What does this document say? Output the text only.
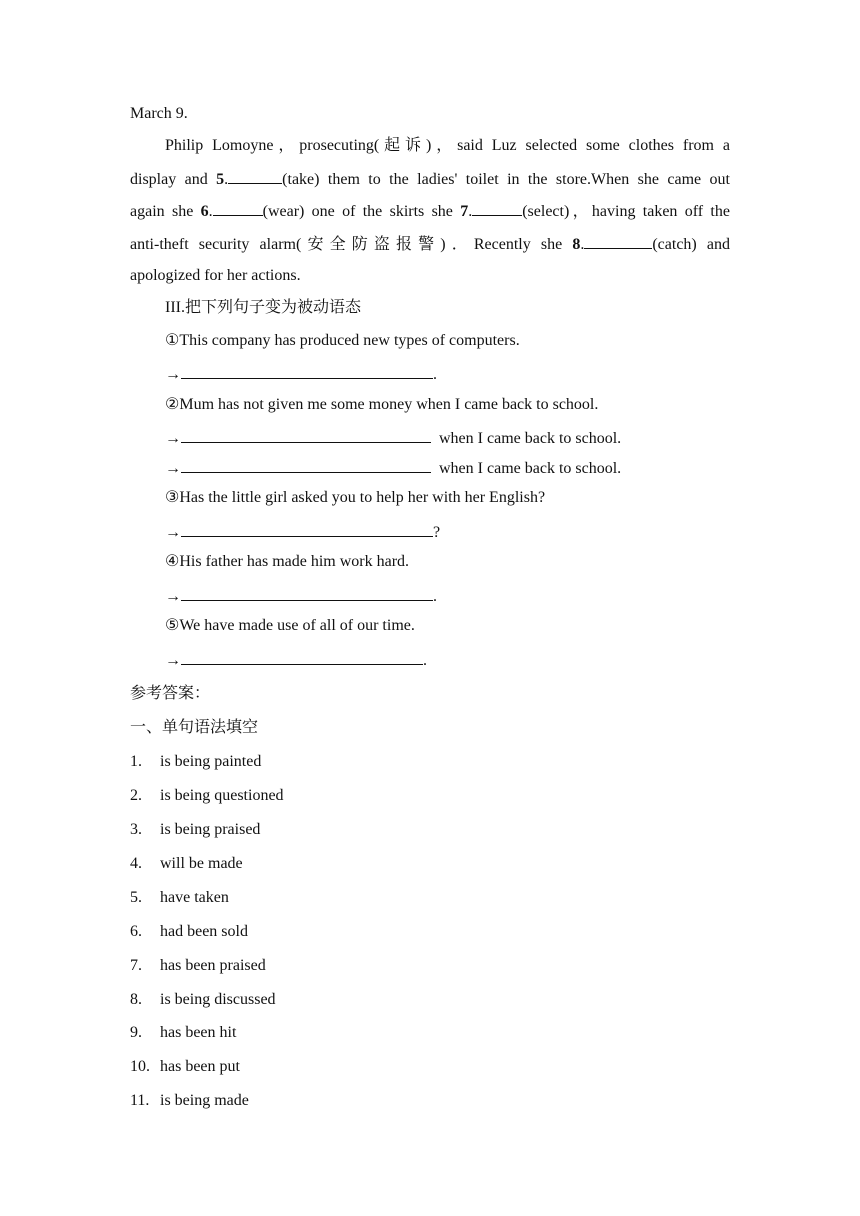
March 9.
Philip Lomoyne，prosecuting(起诉)，said Luz selected some clothes from a
display and 5.	(take) them to the ladies' toilet in the store.When she came out
again she 6.	(wear) one of the skirts she 7.	(select)，having taken off the
anti-theft security alarm(安全防盗报警)．Recently she 8.	(catch) and
apologized for her actions.
III.把下列句子变为被动语态
①This company has produced new types of computers.
→	.
②Mum has not given me some money when I came back to school.
→	when I came back to school.
→	when I came back to school.
③Has the little girl asked you to help her with her English?
→	?
④His father has made him work hard.
→	.
⑤We have made use of all of our time.
→	.
参考答案：
一、单句语法填空
1. is being painted
2. is being questioned
3. is being praised
4. will be made
5. have taken
6. had been sold
7. has been praised
8. is being discussed
9. has been hit
10. has been put
11. is being made
